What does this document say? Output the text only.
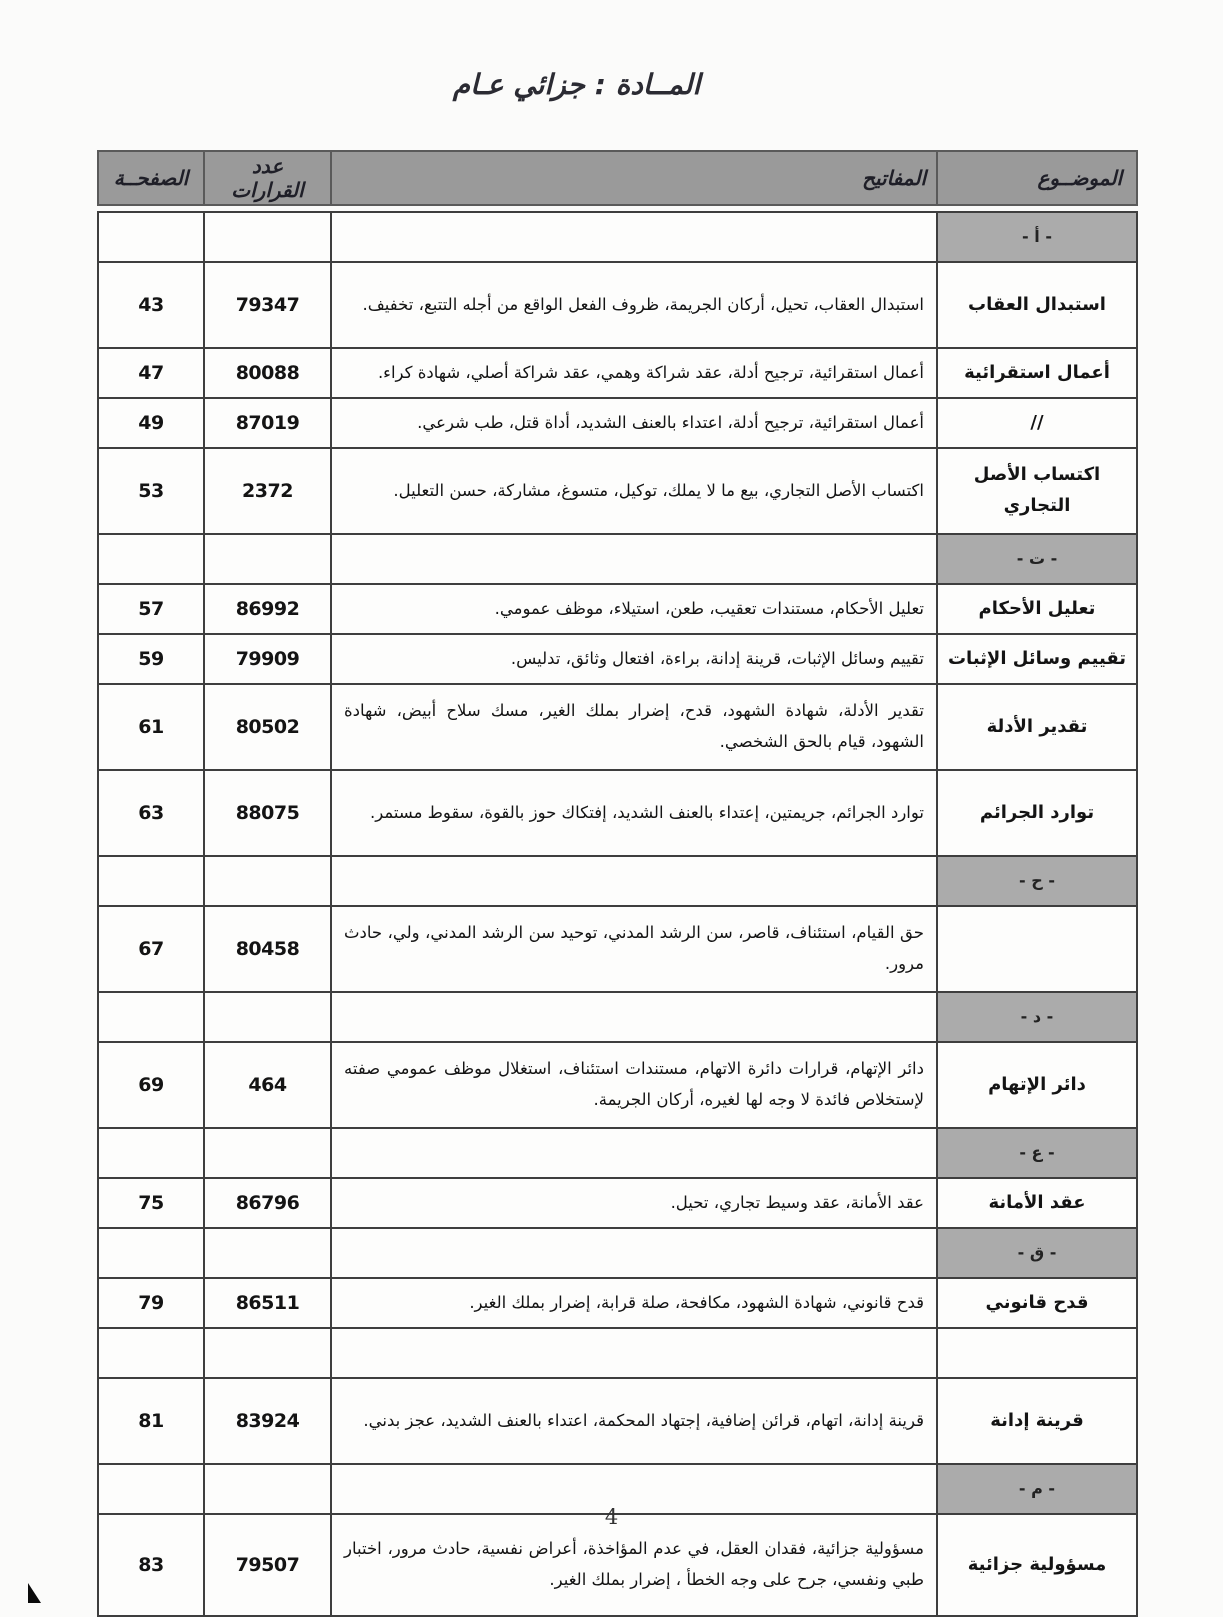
المــادة : جزائي عـام
الموضــوع	المفاتيح	عدد القرارات	الصفحــة

- أ -			
استبدال العقاب	استبدال العقاب، تحيل، أركان الجريمة، ظروف الفعل الواقع من أجله التتبع، تخفيف.	79347	43
أعمال استقرائية	أعمال استقرائية، ترجيح أدلة، عقد شراكة وهمي، عقد شراكة أصلي، شهادة كراء.	80088	47
//	أعمال استقرائية، ترجيح أدلة، اعتداء بالعنف الشديد، أداة قتل، طب شرعي.	87019	49
اكتساب الأصل التجاري	اكتساب الأصل التجاري، بيع ما لا يملك، توكيل، متسوغ، مشاركة، حسن التعليل.	2372	53
- ت -			
تعليل الأحكام	تعليل الأحكام، مستندات تعقيب، طعن، استيلاء، موظف عمومي.	86992	57
تقييم وسائل الإثبات	تقييم وسائل الإثبات، قرينة إدانة، براءة، افتعال وثائق، تدليس.	79909	59
تقدير الأدلة	تقدير الأدلة، شهادة الشهود، قدح، إضرار بملك الغير، مسك سلاح أبيض، شهادة الشهود، قيام بالحق الشخصي.	80502	61
توارد الجرائم	توارد الجرائم، جريمتين، إعتداء بالعنف الشديد، إفتكاك حوز بالقوة، سقوط مستمر.	88075	63
- ح -			
	حق القيام، استئناف، قاصر، سن الرشد المدني، توحيد سن الرشد المدني، ولي، حادث مرور.	80458	67
- د -			
دائر الإتهام	دائر الإتهام، قرارات دائرة الاتهام، مستندات استئناف، استغلال موظف عمومي صفته لإستخلاص فائدة لا وجه لها لغيره، أركان الجريمة.	464	69
- ع -			
عقد الأمانة	عقد الأمانة، عقد وسيط تجاري، تحيل.	86796	75
- ق -			
قدح قانوني	قدح قانوني، شهادة الشهود، مكافحة، صلة قرابة، إضرار بملك الغير.	86511	79

قرينة إدانة	قرينة إدانة، اتهام، قرائن إضافية، إجتهاد المحكمة، اعتداء بالعنف الشديد، عجز بدني.	83924	81
- م -			
مسؤولية جزائية	مسؤولية جزائية، فقدان العقل، في عدم المؤاخذة، أعراض نفسية، حادث مرور، اختبار طبي ونفسي، جرح على وجه الخطأ ، إضرار بملك الغير.	79507	83
4
